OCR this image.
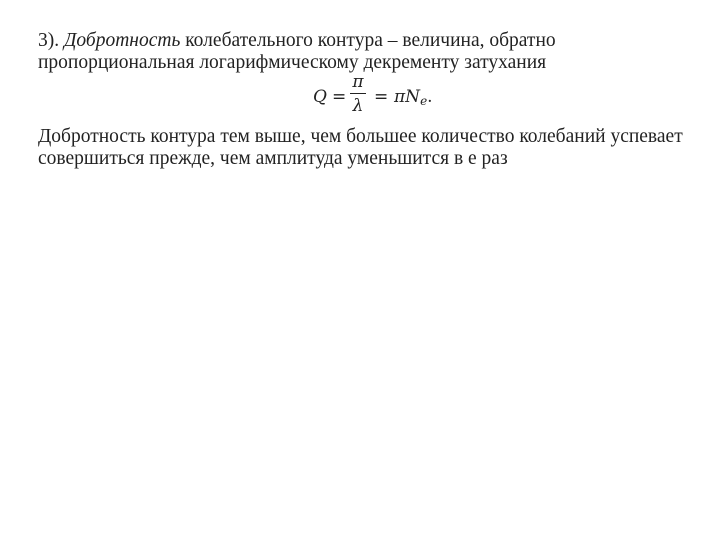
3). Добротность колебательного контура – величина, обратно пропорциональная логарифмическому декременту затухания

Q =
π
$\lambda = \pi N_e$.

Добротность контура тем выше, чем большее количество колебаний успевает совершиться прежде, чем амплитуда уменьшится в е раз
